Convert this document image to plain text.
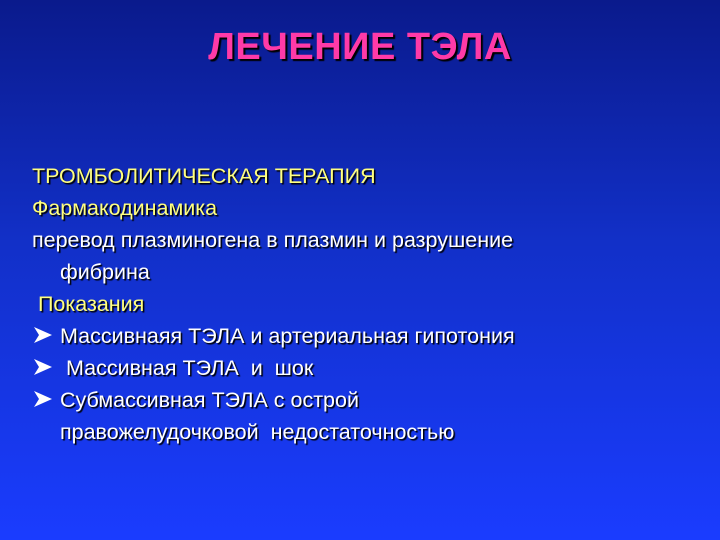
ЛЕЧЕНИЕ ТЭЛА
ТРОМБОЛИТИЧЕСКАЯ ТЕРАПИЯ
Фармакодинамика
перевод плазминогена в плазмин и разрушение
фибрина
Показания
Массивнаяя ТЭЛА и артериальная гипотония
Массивная ТЭЛА  и  шок
Субмассивная ТЭЛА с острой
правожелудочковой  недостаточностью
